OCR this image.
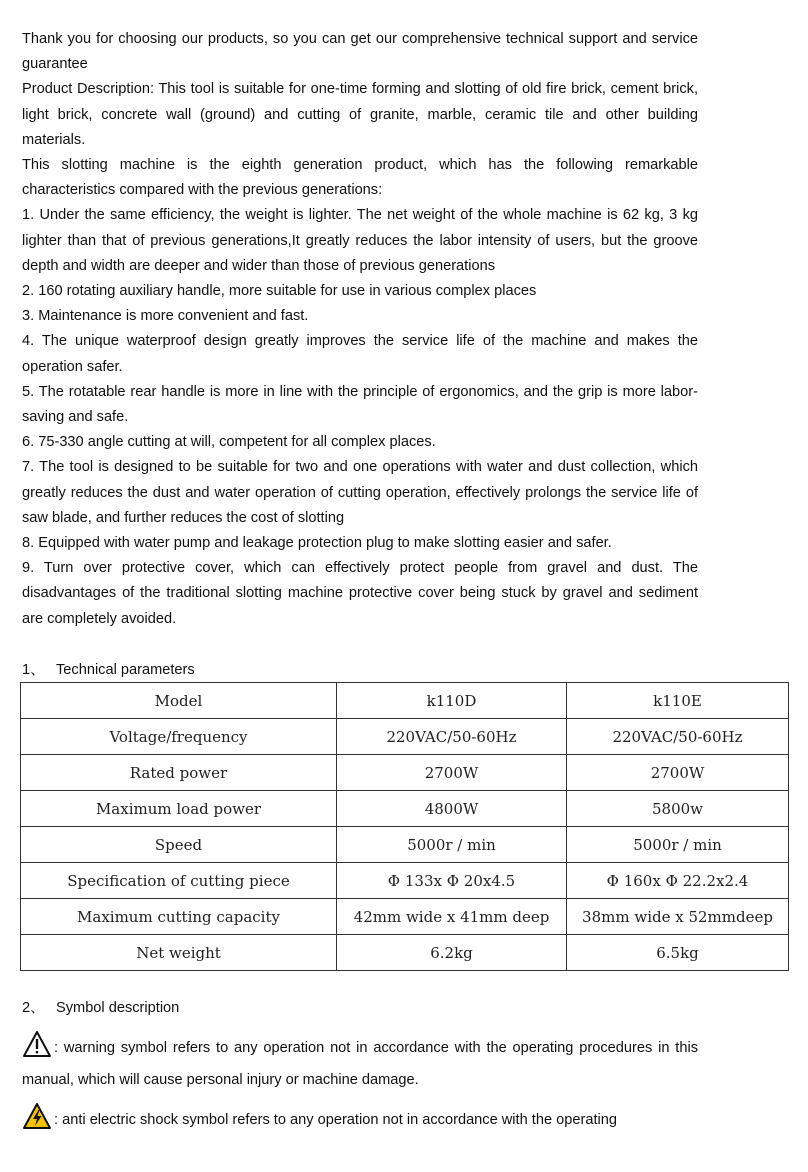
Thank you for choosing our products, so you can get our comprehensive technical support and service guarantee

Product Description: This tool is suitable for one-time forming and slotting of old fire brick, cement brick, light brick, concrete wall (ground) and cutting of granite, marble, ceramic tile and other building materials.

This slotting machine is the eighth generation product, which has the following remarkable characteristics compared with the previous generations:

1. Under the same efficiency, the weight is lighter. The net weight of the whole machine is 62 kg, 3 kg lighter than that of previous generations,It greatly reduces the labor intensity of users, but the groove depth and width are deeper and wider than those of previous generations

2. 160 rotating auxiliary handle, more suitable for use in various complex places

3. Maintenance is more convenient and fast.

4. The unique waterproof design greatly improves the service life of the machine and makes the operation safer.

5. The rotatable rear handle is more in line with the principle of ergonomics, and the grip is more labor-saving and safe.

6. 75-330 angle cutting at will, competent for all complex places.

7. The tool is designed to be suitable for two and one operations with water and dust collection, which greatly reduces the dust and water operation of cutting operation, effectively prolongs the service life of saw blade, and further reduces the cost of slotting

8. Equipped with water pump and leakage protection plug to make slotting easier and safer.

9. Turn over protective cover, which can effectively protect people from gravel and dust. The disadvantages of the traditional slotting machine protective cover being stuck by gravel and sediment are completely avoided.

1、 Technical parameters
Model	k110D	k110E
Voltage/frequency	220VAC/50-60Hz	220VAC/50-60Hz
Rated power	2700W	2700W
Maximum load power	4800W	5800w
Speed	5000r / min	5000r / min
Specification of cutting piece	Φ 133x Φ 20x4.5	Φ 160x Φ 22.2x2.4
Maximum cutting capacity	42mm wide x 41mm deep	38mm wide x 52mmdeep
Net weight	6.2kg	6.5kg
2、 Symbol description
: warning symbol refers to any operation not in accordance with the operating procedures in this manual, which will cause personal injury or machine damage.
: anti electric shock symbol refers to any operation not in accordance with the operating
